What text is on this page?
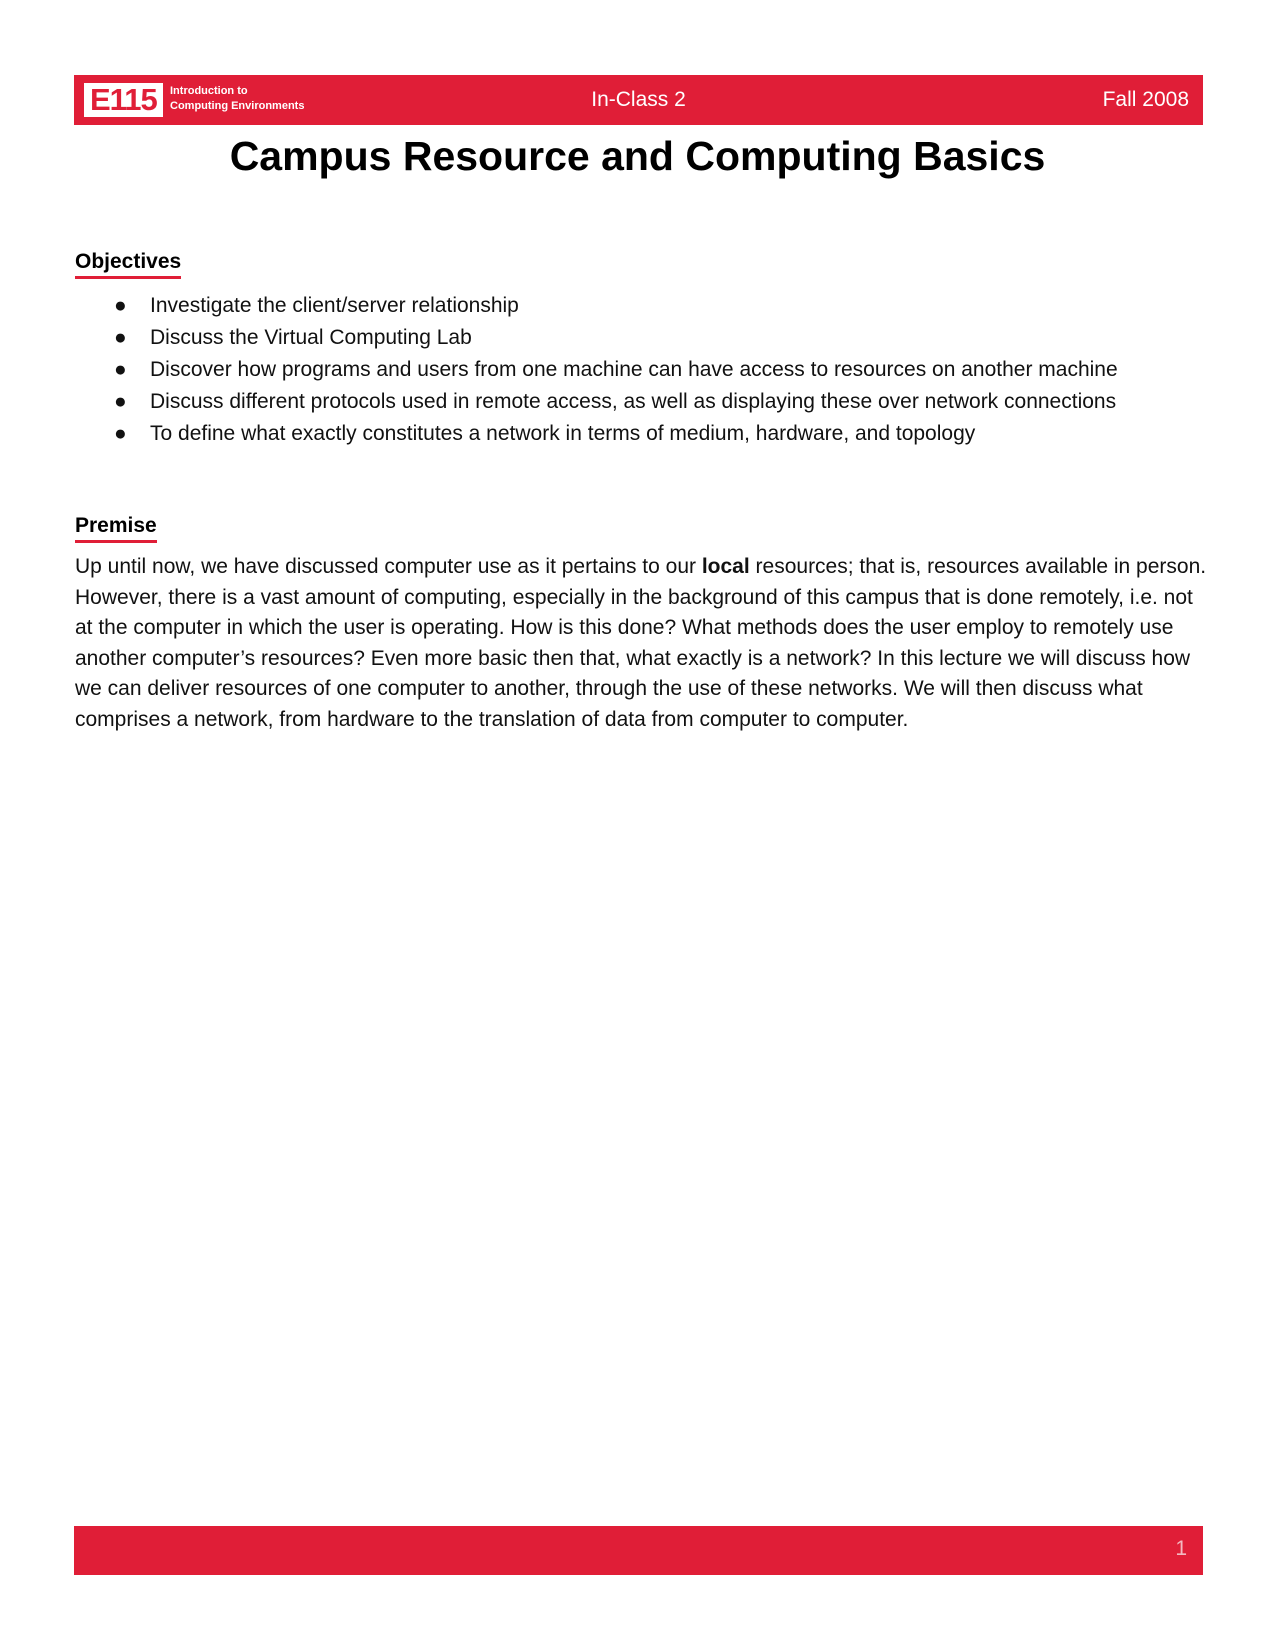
E115 Introduction to
Computing Environments	In-Class 2	Fall 2008
Campus Resource and Computing Basics
Objectives
● Investigate the client/server relationship
● Discuss the Virtual Computing Lab
● Discover how programs and users from one machine can have access to resources on another machine
● Discuss different protocols used in remote access, as well as displaying these over network connections
● To define what exactly constitutes a network in terms of medium, hardware, and topology
Premise

Up until now, we have discussed computer use as it pertains to our local resources; that is, resources available in person. However, there is a vast amount of computing, especially in the background of this campus that is done remotely, i.e. not at the computer in which the user is operating. How is this done? What methods does the user employ to remotely use another computer’s resources? Even more basic then that, what exactly is a network? In this lecture we will discuss how we can deliver resources of one computer to another, through the use of these networks. We will then discuss what comprises a network, from hardware to the translation of data from computer to computer.

1
